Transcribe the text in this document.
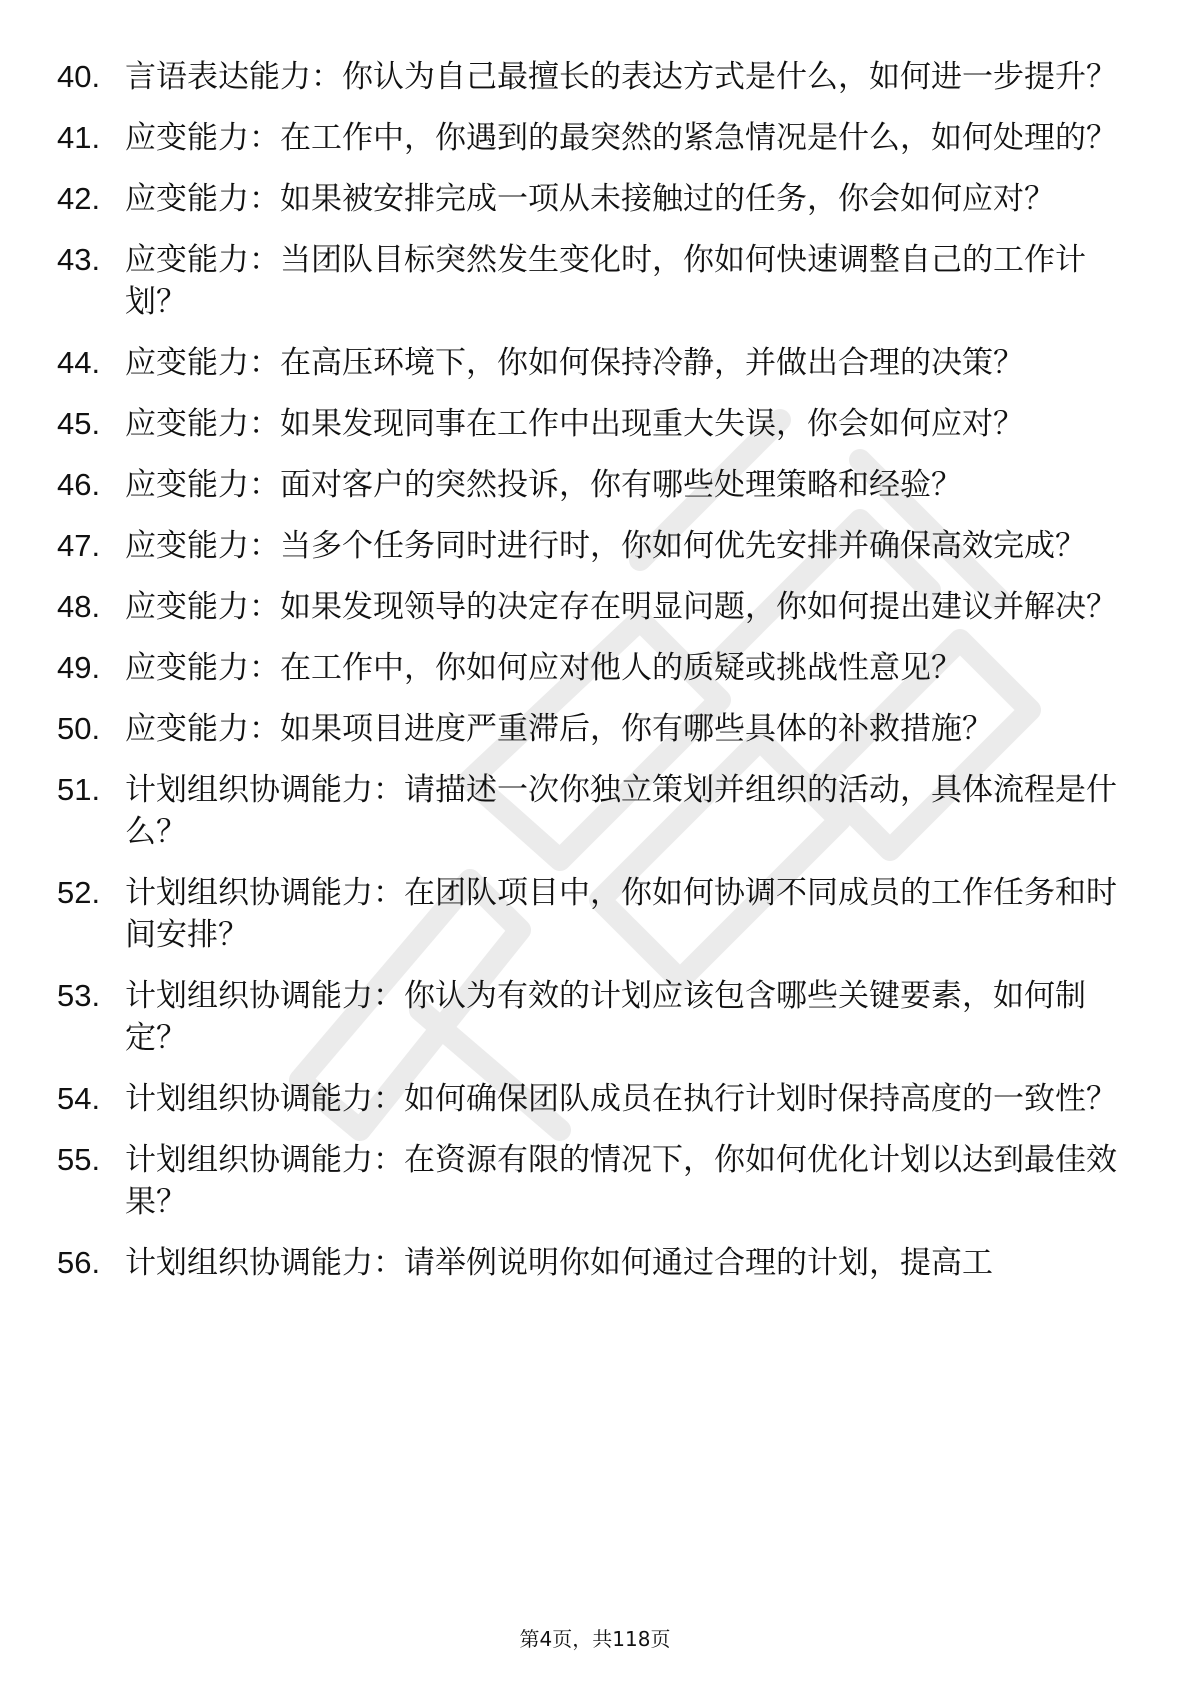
40. 言语表达能力：你认为自己最擅长的表达方式是什么，如何进一步提升？
41. 应变能力：在工作中，你遇到的最突然的紧急情况是什么，如何处理的？
42. 应变能力：如果被安排完成一项从未接触过的任务，你会如何应对？
43. 应变能力：当团队目标突然发生变化时，你如何快速调整自己的工作计划？
44. 应变能力：在高压环境下，你如何保持冷静，并做出合理的决策？
45. 应变能力：如果发现同事在工作中出现重大失误，你会如何应对？
46. 应变能力：面对客户的突然投诉，你有哪些处理策略和经验？
47. 应变能力：当多个任务同时进行时，你如何优先安排并确保高效完成？
48. 应变能力：如果发现领导的决定存在明显问题，你如何提出建议并解决？
49. 应变能力：在工作中，你如何应对他人的质疑或挑战性意见？
50. 应变能力：如果项目进度严重滞后，你有哪些具体的补救措施？
51. 计划组织协调能力：请描述一次你独立策划并组织的活动，具体流程是什么？
52. 计划组织协调能力：在团队项目中，你如何协调不同成员的工作任务和时间安排？
53. 计划组织协调能力：你认为有效的计划应该包含哪些关键要素，如何制定？
54. 计划组织协调能力：如何确保团队成员在执行计划时保持高度的一致性？
55. 计划组织协调能力：在资源有限的情况下，你如何优化计划以达到最佳效果？
56. 计划组织协调能力：请举例说明你如何通过合理的计划，提高工
第4页，共118页
